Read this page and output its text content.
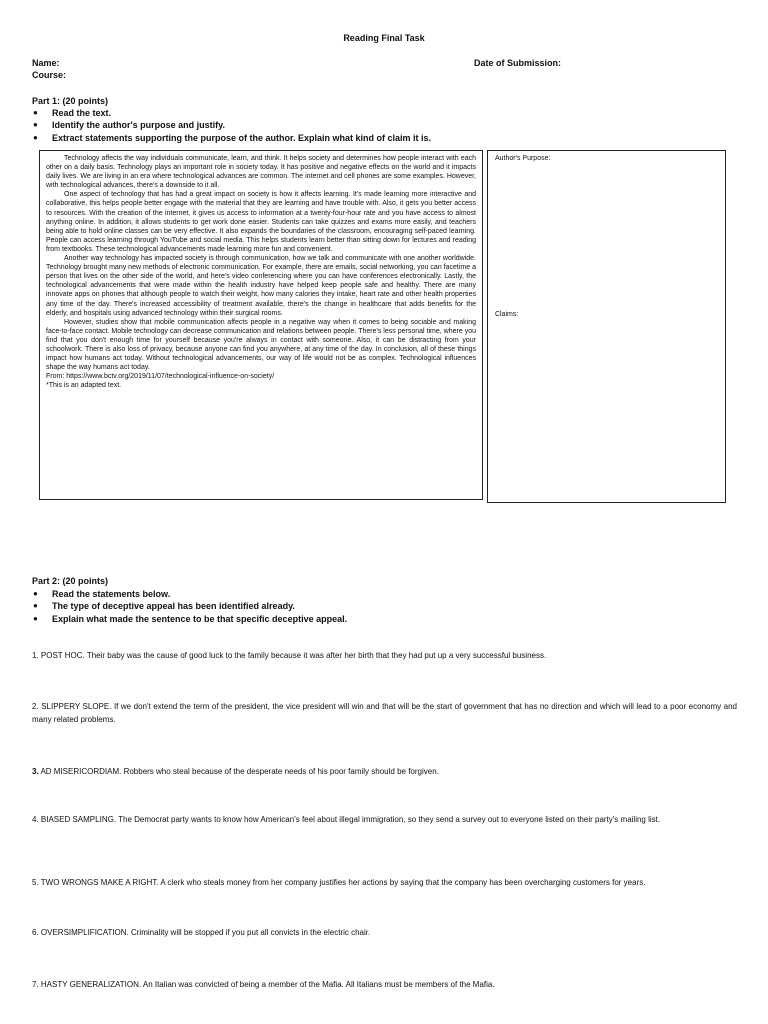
Reading Final Task
Name:
Course:
Date of Submission:
Part 1: (20 points)
● Read the text.
● Identify the author's purpose and justify.
● Extract statements supporting the purpose of the author. Explain what kind of claim it is.

Technology affects the way individuals communicate, learn, and think. It helps society and determines how people interact with each other on a daily basis. Technology plays an important role in society today. It has positive and negative effects on the world and it impacts daily lives. We are living in an era where technological advances are common. The internet and cell phones are some examples. However, with technological advances, there's a downside to it all.

One aspect of technology that has had a great impact on society is how it affects learning. It's made learning more interactive and collaborative, this helps people better engage with the material that they are learning and have trouble with. Also, it gets you better access to resources. With the creation of the internet, it gives us access to information at a twenty-four-hour rate and you have access to almost anything online. In addition, it allows students to get work done easier. Students can take quizzes and exams more easily, and teachers being able to hold online classes can be very effective. It also expands the boundaries of the classroom, encouraging self-paced learning. People can access learning through YouTube and social media. This helps students learn better than sitting down for lectures and reading from textbooks. These technological advancements made learning more fun and convenient.

Another way technology has impacted society is through communication, how we talk and communicate with one another worldwide. Technology brought many new methods of electronic communication. For example, there are emails, social networking, you can facetime a person that lives on the other side of the world, and here's video conferencing where you can have conferences electronically. Lastly, the technological advancements that were made within the health industry have helped keep people safe and healthy. There are many innovate apps on phones that although people to watch their weight, how many calories they intake, heart rate and other health properties any time of the day. There's increased accessibility of treatment available, there's the change in healthcare that adds benefits for the elderly, and hospitals using advanced technology within their surgical rooms.

However, studies show that mobile communication affects people in a negative way when it comes to being sociable and making face-to-face contact. Mobile technology can decrease communication and relations between people. There's less personal time, where you find that you don't enough time for yourself because you're always in contact with someone. Also, it can be distracting from your schoolwork. There is also loss of privacy, because anyone can find you anywhere, at any time of the day. In conclusion, all of these things impact how humans act today. Without technological advancements, our way of life would not be as complex. Technological influences shape the way humans act today.

From: https://www.bctv.org/2019/11/07/technological-influence-on-society/

*This is an adapted text.

Author's Purpose:
Claims:
Part 2: (20 points)
● Read the statements below.
● The type of deceptive appeal has been identified already.
● Explain what made the sentence to be that specific deceptive appeal.
1. POST HOC. Their baby was the cause of good luck to the family because it was after her birth that they had put up a very successful business.
2. SLIPPERY SLOPE. If we don't extend the term of the president, the vice president will win and that will be the start of government that has no direction and which will lead to a poor economy and many related problems.
3. AD MISERICORDIAM. Robbers who steal because of the desperate needs of his poor family should be forgiven.
4. BIASED SAMPLING. The Democrat party wants to know how American's feel about illegal immigration, so they send a survey out to everyone listed on their party's mailing list.
5. TWO WRONGS MAKE A RIGHT. A clerk who steals money from her company justifies her actions by saying that the company has been overcharging customers for years.
6. OVERSIMPLIFICATION. Criminality will be stopped if you put all convicts in the electric chair.
7. HASTY GENERALIZATION. An Italian was convicted of being a member of the Mafia. All Italians must be members of the Mafia.
